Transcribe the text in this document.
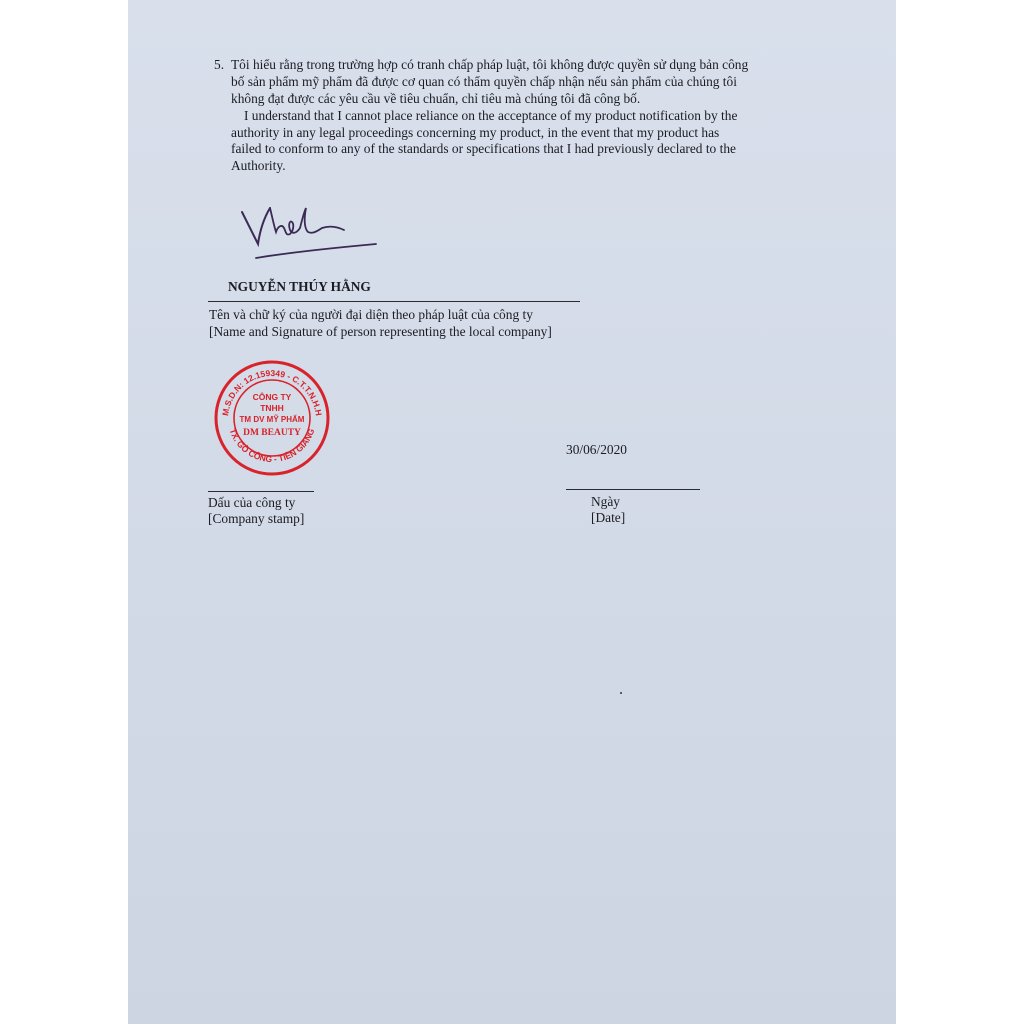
5. Tôi hiểu rằng trong trường hợp có tranh chấp pháp luật, tôi không được quyền sử dụng bản công
bố sản phẩm mỹ phẩm đã được cơ quan có thẩm quyền chấp nhận nếu sản phẩm của chúng tôi
không đạt được các yêu cầu về tiêu chuẩn, chỉ tiêu mà chúng tôi đã công bố.
I understand that I cannot place reliance on the acceptance of my product notification by the
authority in any legal proceedings concerning my product, in the event that my product has
failed to conform to any of the standards or specifications that I had previously declared to the
Authority.
NGUYỄN THÚY HẰNG
Tên và chữ ký của người đại diện theo pháp luật của công ty
[Name and Signature of person representing the local company]
M.S.D.N: 12.159349 - C.T.T.N.H.H
TX. GÒ CÔNG - TIỀN GIANG
CÔNG TY
TNHH
TM DV MỸ PHẨM
DM BEAUTY
30/06/2020
Dấu của công ty
[Company stamp]
Ngày
[Date]
